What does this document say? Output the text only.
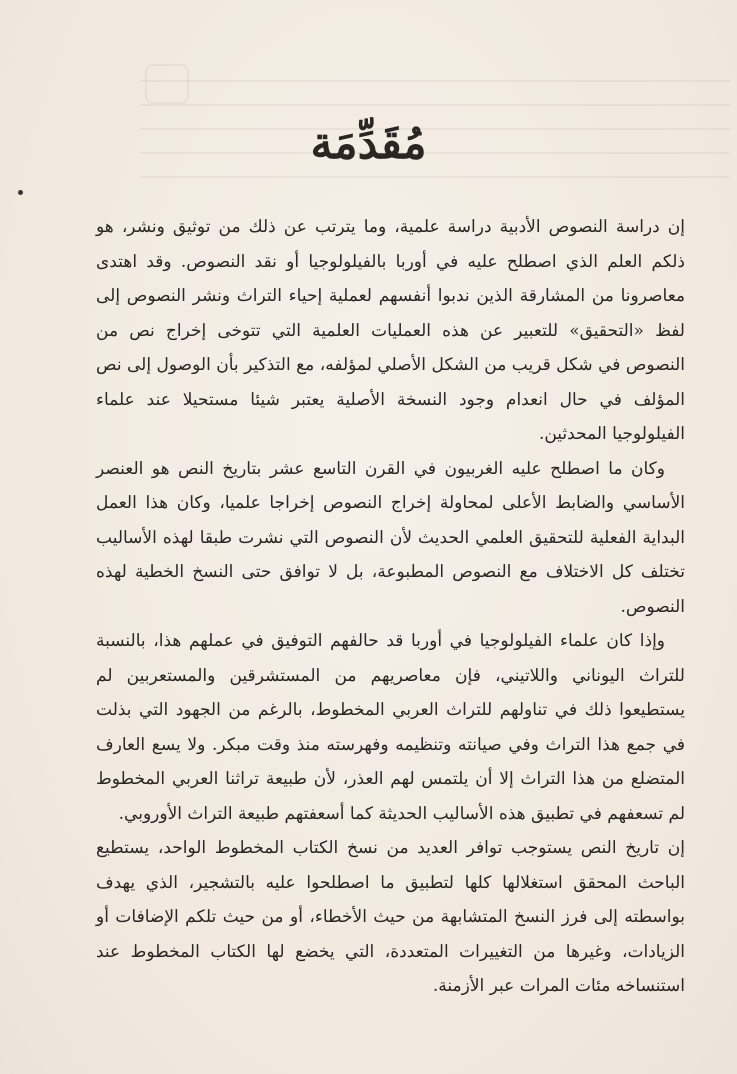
مُقَدِّمَة

إن دراسة النصوص الأدبية دراسة علمية، وما يترتب عن ذلك من توثيق ونشر، هو ذلكم العلم الذي اصطلح عليه في أوربا بالفيلولوجيا أو نقد النصوص. وقد اهتدى معاصرونا من المشارقة الذين ندبوا أنفسهم لعملية إحياء التراث ونشر النصوص إلى لفظ «التحقيق» للتعبير عن هذه العمليات العلمية التي تتوخى إخراج نص من النصوص في شكل قريب من الشكل الأصلي لمؤلفه، مع التذكير بأن الوصول إلى نص المؤلف في حال انعدام وجود النسخة الأصلية يعتبر شيئا مستحيلا عند علماء الفيلولوجيا المحدثين.

وكان ما اصطلح عليه الغربيون في القرن التاسع عشر بتاريخ النص هو العنصر الأساسي والضابط الأعلى لمحاولة إخراج النصوص إخراجا علميا، وكان هذا العمل البداية الفعلية للتحقيق العلمي الحديث لأن النصوص التي نشرت طبقا لهذه الأساليب تختلف كل الاختلاف مع النصوص المطبوعة، بل لا توافق حتى النسخ الخطية لهذه النصوص.

وإذا كان علماء الفيلولوجيا في أوربا قد حالفهم التوفيق في عملهم هذا، بالنسبة للتراث اليوناني واللاتيني، فإن معاصريهم من المستشرقين والمستعربين لم يستطيعوا ذلك في تناولهم للتراث العربي المخطوط، بالرغم من الجهود التي بذلت في جمع هذا التراث وفي صيانته وتنظيمه وفهرسته منذ وقت مبكر. ولا يسع العارف المتضلع من هذا التراث إلا أن يلتمس لهم العذر، لأن طبيعة تراثنا العربي المخطوط لم تسعفهم في تطبيق هذه الأساليب الحديثة كما أسعفتهم طبيعة التراث الأوروبي.

إن تاريخ النص يستوجب توافر العديد من نسخ الكتاب المخطوط الواحد، يستطيع الباحث المحقق استغلالها كلها لتطبيق ما اصطلحوا عليه بالتشجير، الذي يهدف بواسطته إلى فرز النسخ المتشابهة من حيث الأخطاء، أو من حيث تلكم الإضافات أو الزيادات، وغيرها من التغييرات المتعددة، التي يخضع لها الكتاب المخطوط عند استنساخه مئات المرات عبر الأزمنة.
